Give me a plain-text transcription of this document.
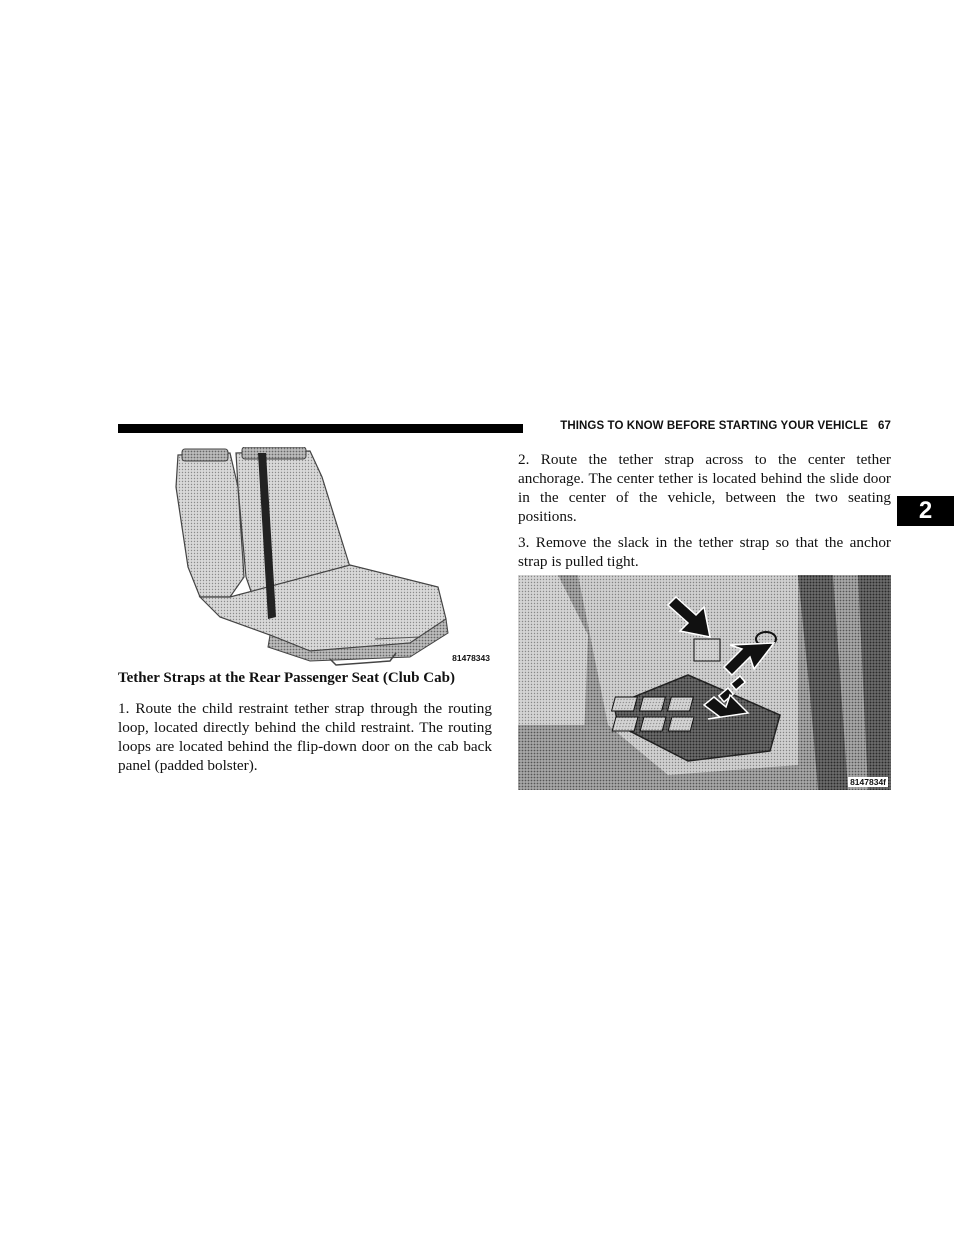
THINGS TO KNOW BEFORE STARTING YOUR VEHICLE 67
2
81478343
Tether Straps at the Rear Passenger Seat (Club Cab)

1. Route the child restraint tether strap through the routing loop, located directly behind the child restraint. The routing loops are located behind the flip-down door on the cab back panel (padded bolster).

2. Route the tether strap across to the center tether anchorage. The center tether is located behind the slide door in the center of the vehicle, between the two seating positions.

3. Remove the slack in the tether strap so that the anchor strap is pulled tight.

8147834f
